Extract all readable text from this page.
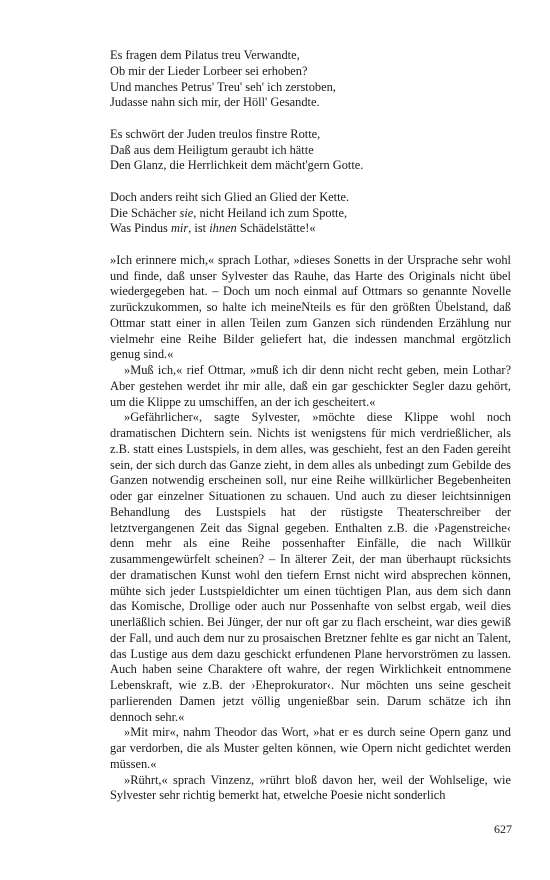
Es fragen dem Pilatus treu Verwandte,
Ob mir der Lieder Lorbeer sei erhoben?
Und manches Petrus' Treu' seh' ich zerstoben,
Judasse nahn sich mir, der Höll' Gesandte.
Es schwört der Juden treulos finstre Rotte,
Daß aus dem Heiligtum geraubt ich hätte
Den Glanz, die Herrlichkeit dem mächt'gern Gotte.
Doch anders reiht sich Glied an Glied der Kette.
Die Schächer sie, nicht Heiland ich zum Spotte,
Was Pindus mir, ist ihnen Schädelstätte!«

»Ich erinnere mich,« sprach Lothar, »dieses Sonetts in der Ursprache sehr wohl und finde, daß unser Sylvester das Rauhe, das Harte des Originals nicht übel wiedergegeben hat. – Doch um noch einmal auf Ottmars so genannte Novelle zurückzukommen, so halte ich meineNteils es für den größten Übelstand, daß Ottmar statt einer in allen Teilen zum Ganzen sich ründenden Erzählung nur vielmehr eine Reihe Bilder geliefert hat, die indessen manchmal ergötzlich genug sind.«

»Muß ich,« rief Ottmar, »muß ich dir denn nicht recht geben, mein Lothar? Aber gestehen werdet ihr mir alle, daß ein gar geschickter Segler dazu gehört, um die Klippe zu umschiffen, an der ich gescheitert.«

»Gefährlicher«, sagte Sylvester, »möchte diese Klippe wohl noch dramatischen Dichtern sein. Nichts ist wenigstens für mich verdrießlicher, als z.B. statt eines Lustspiels, in dem alles, was geschieht, fest an den Faden gereiht sein, der sich durch das Ganze zieht, in dem alles als unbedingt zum Gebilde des Ganzen notwendig erscheinen soll, nur eine Reihe willkürlicher Begebenheiten oder gar einzelner Situationen zu schauen. Und auch zu dieser leichtsinnigen Behandlung des Lustspiels hat der rüstigste Theaterschreiber der letztvergangenen Zeit das Signal gegeben. Enthalten z.B. die ›Pagenstreiche‹ denn mehr als eine Reihe possenhafter Einfälle, die nach Willkür zusammengewürfelt scheinen? – In älterer Zeit, der man überhaupt rücksichts der dramatischen Kunst wohl den tiefern Ernst nicht wird absprechen können, mühte sich jeder Lustspieldichter um einen tüchtigen Plan, aus dem sich dann das Komische, Drollige oder auch nur Possenhafte von selbst ergab, weil dies unerläßlich schien. Bei Jünger, der nur oft gar zu flach erscheint, war dies gewiß der Fall, und auch dem nur zu prosaischen Bretzner fehlte es gar nicht an Talent, das Lustige aus dem dazu geschickt erfundenen Plane hervorströmen zu lassen. Auch haben seine Charaktere oft wahre, der regen Wirklichkeit entnommene Lebenskraft, wie z.B. der ›Eheprokurator‹. Nur möchten uns seine gescheit parlierenden Damen jetzt völlig ungenießbar sein. Darum schätze ich ihn dennoch sehr.«

»Mit mir«, nahm Theodor das Wort, »hat er es durch seine Opern ganz und gar verdorben, die als Muster gelten können, wie Opern nicht gedichtet werden müssen.«

»Rührt,« sprach Vinzenz, »rührt bloß davon her, weil der Wohlselige, wie Sylvester sehr richtig bemerkt hat, etwelche Poesie nicht sonderlich

627
